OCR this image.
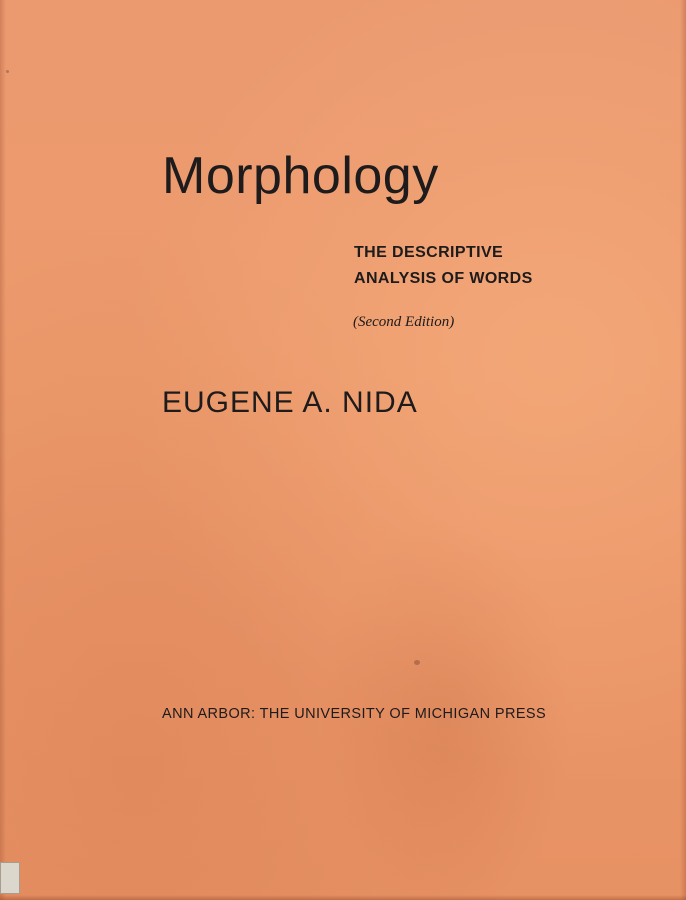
Morphology
THE DESCRIPTIVE
ANALYSIS OF WORDS
(Second Edition)
EUGENE A. NIDA
ANN ARBOR: THE UNIVERSITY OF MICHIGAN PRESS
